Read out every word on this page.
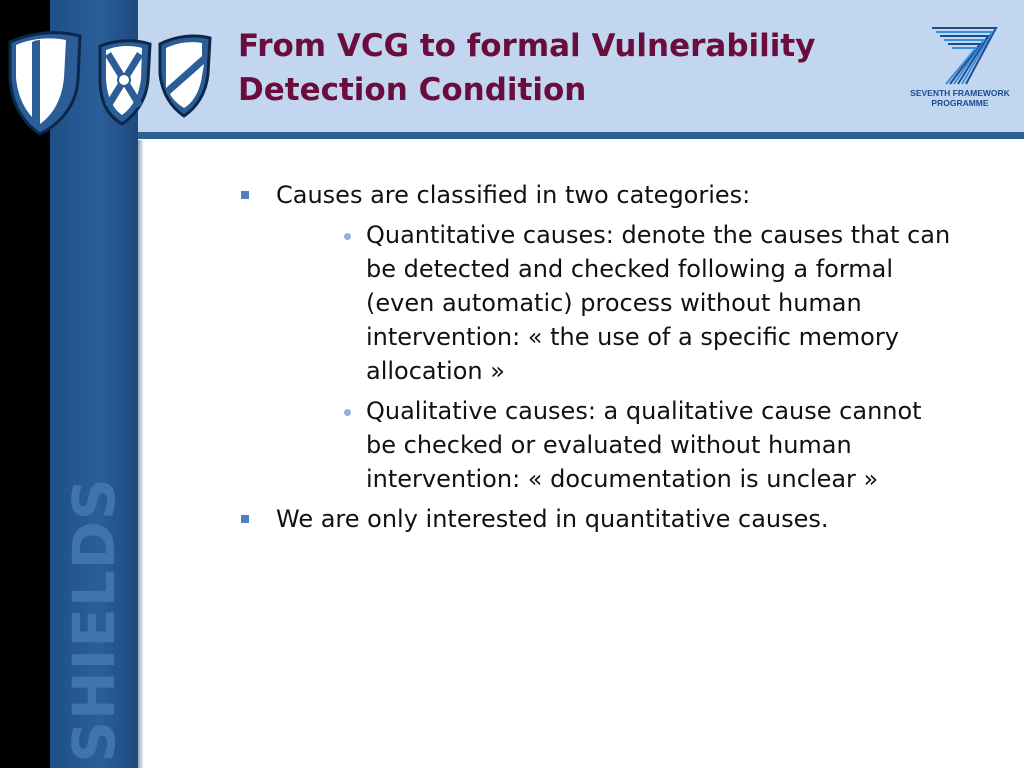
From VCG to formal Vulnerability Detection Condition	SEVENTH FRAMEWORK
PROGRAMME
SHIELDS
Causes are classified in two categories:
Quantitative causes: denote the causes that can be detected and checked following a formal (even automatic) process without human intervention: « the use of a specific memory allocation »
Qualitative causes: a qualitative cause cannot be checked or evaluated without human intervention: « documentation is unclear »
We are only interested in quantitative causes.
